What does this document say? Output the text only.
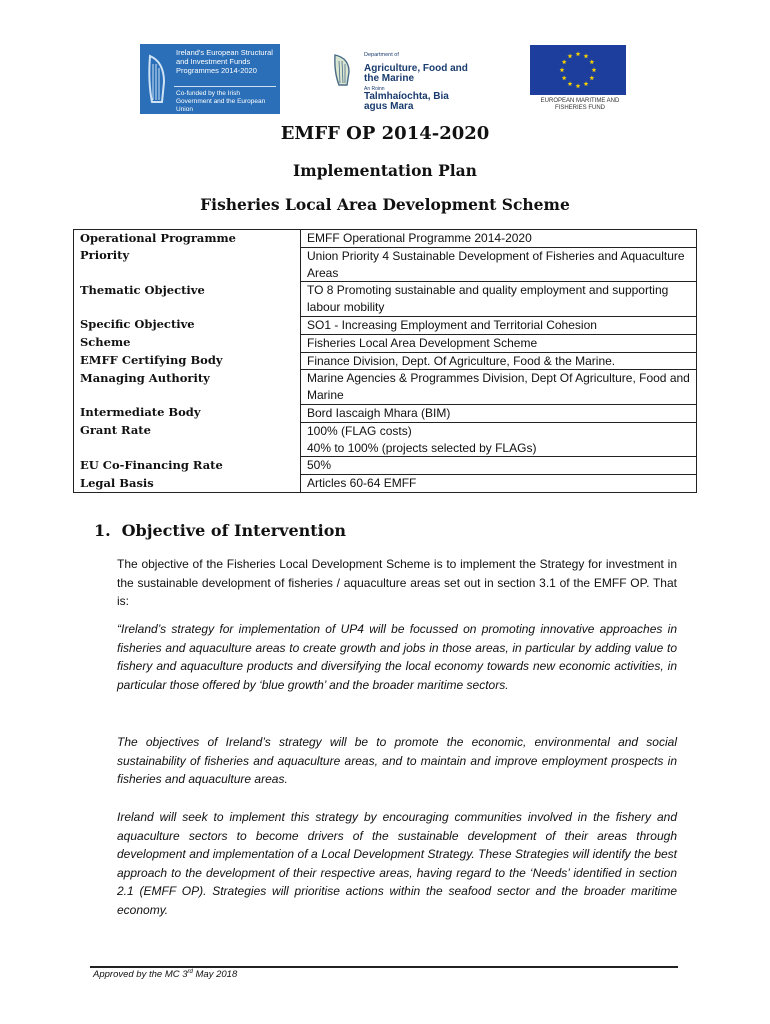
Ireland's European Structural and Investment Funds Programmes 2014-2020
Co-funded by the Irish Government and the European Union
Department of
Agriculture, Food and the Marine
An Roinn
Talmhaíochta, Bia agus Mara	EUROPEAN MARITIME AND FISHERIES FUND
EMFF OP 2014-2020
Implementation Plan
Fisheries Local Area Development Scheme
Operational Programme	EMFF Operational Programme 2014-2020
Priority	Union Priority 4 Sustainable Development of Fisheries and Aquaculture Areas
Thematic Objective	TO 8 Promoting sustainable and quality employment and supporting labour mobility
Specific Objective	SO1 - Increasing Employment and Territorial Cohesion
Scheme	Fisheries Local Area Development Scheme
EMFF Certifying Body	Finance Division, Dept. Of Agriculture, Food & the Marine.
Managing Authority	Marine Agencies & Programmes Division, Dept Of Agriculture, Food and Marine
Intermediate Body	Bord Iascaigh Mhara (BIM)
Grant Rate	100% (FLAG costs)
40% to 100% (projects selected by FLAGs)

EU Co-Financing Rate	50%
Legal Basis	Articles 60-64 EMFF
1. Objective of Intervention
The objective of the Fisheries Local Development Scheme is to implement the Strategy for investment in the sustainable development of fisheries / aquaculture areas set out in section 3.1 of the EMFF OP. That is:
“Ireland’s strategy for implementation of UP4 will be focussed on promoting innovative approaches in fisheries and aquaculture areas to create growth and jobs in those areas, in particular by adding value to fishery and aquaculture products and diversifying the local economy towards new economic activities, in particular those offered by ‘blue growth’ and the broader maritime sectors.
The objectives of Ireland’s strategy will be to promote the economic, environmental and social sustainability of fisheries and aquaculture areas, and to maintain and improve employment prospects in fisheries and aquaculture areas.
Ireland will seek to implement this strategy by encouraging communities involved in the fishery and aquaculture sectors to become drivers of the sustainable development of their areas through development and implementation of a Local Development Strategy. These Strategies will identify the best approach to the development of their respective areas, having regard to the ‘Needs’ identified in section 2.1 (EMFF OP). Strategies will prioritise actions within the seafood sector and the broader maritime economy.
Approved by the MC 3rd May 2018
